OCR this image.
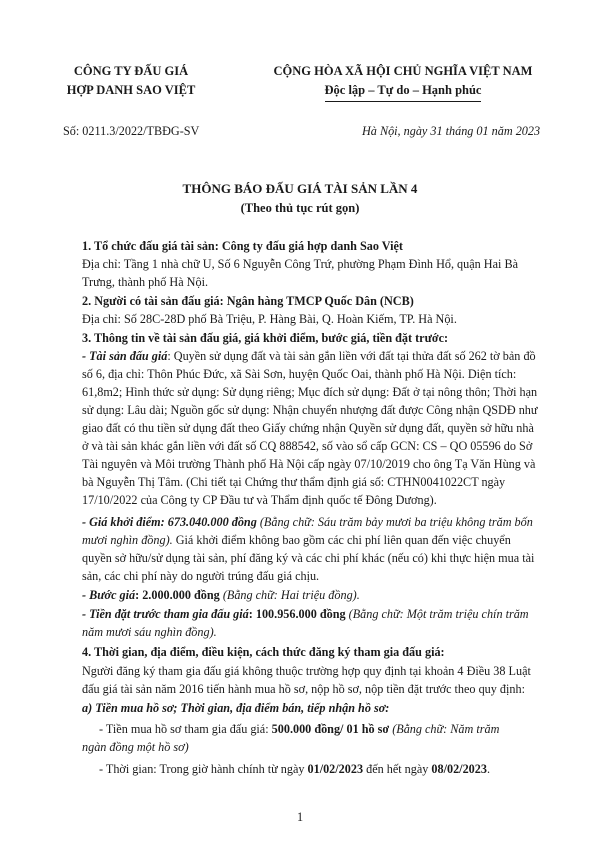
CÔNG TY ĐẤU GIÁ
HỢP DANH SAO VIỆT
CỘNG HÒA XÃ HỘI CHỦ NGHĨA VIỆT NAM
Độc lập – Tự do – Hạnh phúc
Số: 0211.3/2022/TBĐG-SV	Hà Nội, ngày 31 tháng 01 năm 2023
THÔNG BÁO ĐẤU GIÁ TÀI SẢN LẦN 4
(Theo thủ tục rút gọn)
1. Tổ chức đấu giá tài sản: Công ty đấu giá hợp danh Sao Việt
Địa chỉ: Tầng 1 nhà chữ U, Số 6 Nguyễn Công Trứ, phường Phạm Đình Hổ, quận Hai Bà
Trưng, thành phố Hà Nội.
2. Người có tài sản đấu giá: Ngân hàng TMCP Quốc Dân (NCB)
Địa chỉ: Số 28C-28D phố Bà Triệu, P. Hàng Bài, Q. Hoàn Kiếm, TP. Hà Nội.
3. Thông tin về tài sản đấu giá, giá khởi điểm, bước giá, tiền đặt trước:
- Tài sản đấu giá: Quyền sử dụng đất và tài sản gắn liền với đất tại thửa đất số 262 tờ bản đồ
số 6, địa chỉ: Thôn Phúc Đức, xã Sài Sơn, huyện Quốc Oai, thành phố Hà Nội. Diện tích:
61,8m2; Hình thức sử dụng: Sử dụng riêng; Mục đích sử dụng: Đất ở tại nông thôn; Thời hạn
sử dụng: Lâu dài; Nguồn gốc sử dụng: Nhận chuyển nhượng đất được Công nhận QSDĐ như
giao đất có thu tiền sử dụng đất theo Giấy chứng nhận Quyền sử dụng đất, quyền sở hữu nhà
ở và tài sản khác gắn liền với đất số CQ 888542, số vào sổ cấp GCN: CS – QO 05596 do Sở
Tài nguyên và Môi trường Thành phố Hà Nội cấp ngày 07/10/2019 cho ông Tạ Văn Hùng và
bà Nguyễn Thị Tâm. (Chi tiết tại Chứng thư thẩm định giá số: CTHN0041022CT ngày
17/10/2022 của Công ty CP Đầu tư và Thẩm định quốc tế Đông Dương).
- Giá khởi điểm: 673.040.000 đồng (Bằng chữ: Sáu trăm bảy mươi ba triệu không trăm bốn
mươi nghìn đồng). Giá khởi điểm không bao gồm các chi phí liên quan đến việc chuyển
quyền sở hữu/sử dụng tài sản, phí đăng ký và các chi phí khác (nếu có) khi thực hiện mua tài
sản, các chi phí này do người trúng đấu giá chịu.
- Bước giá: 2.000.000 đồng (Bằng chữ: Hai triệu đồng).
- Tiền đặt trước tham gia đấu giá: 100.956.000 đồng (Bằng chữ: Một trăm triệu chín trăm
năm mươi sáu nghìn đồng).
4. Thời gian, địa điểm, điều kiện, cách thức đăng ký tham gia đấu giá:
Người đăng ký tham gia đấu giá không thuộc trường hợp quy định tại khoản 4 Điều 38 Luật
đấu giá tài sản năm 2016 tiến hành mua hồ sơ, nộp hồ sơ, nộp tiền đặt trước theo quy định:
a) Tiền mua hồ sơ; Thời gian, địa điểm bán, tiếp nhận hồ sơ:
- Tiền mua hồ sơ tham gia đấu giá: 500.000 đồng/ 01 hồ sơ (Bằng chữ: Năm trăm
ngàn đồng một hồ sơ)
- Thời gian: Trong giờ hành chính từ ngày 01/02/2023 đến hết ngày 08/02/2023.
1
